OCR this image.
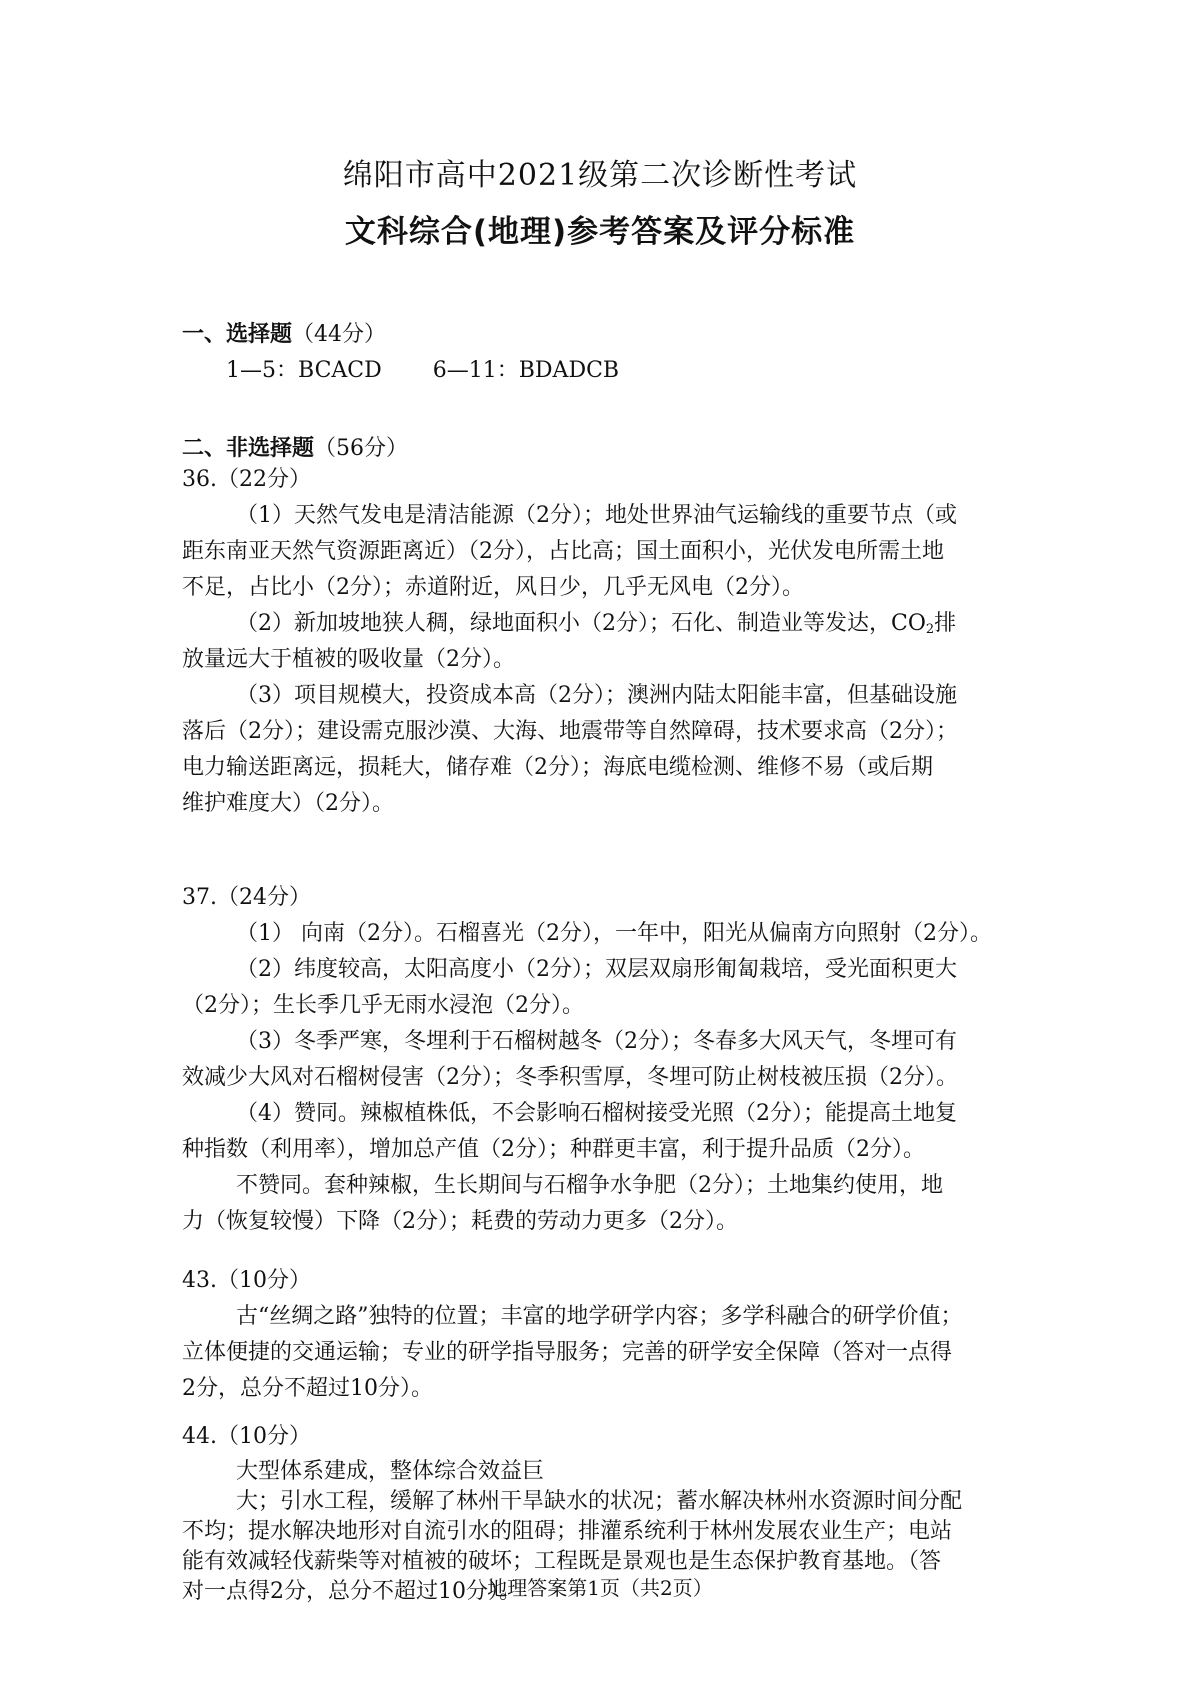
绵阳市高中2021级第二次诊断性考试
文科综合(地理)参考答案及评分标准
一、选择题（44分）
1—5：BCACD　　 6—11：BDADCB
二、非选择题（56分）
36.（22分）
（1）天然气发电是清洁能源（2分）；地处世界油气运输线的重要节点（或
距东南亚天然气资源距离近）（2分），占比高；国土面积小，光伏发电所需土地
不足，占比小（2分）；赤道附近，风日少，几乎无风电（2分）。
（2）新加坡地狭人稠，绿地面积小（2分）；石化、制造业等发达，$CO_2$排
放量远大于植被的吸收量（2分）。
（3）项目规模大，投资成本高（2分）；澳洲内陆太阳能丰富，但基础设施
落后（2分）；建设需克服沙漠、大海、地震带等自然障碍，技术要求高（2分）；
电力输送距离远，损耗大，储存难（2分）；海底电缆检测、维修不易（或后期
维护难度大）（2分）。
37.（24分）
（1） 向南（2分）。石榴喜光（2分），一年中，阳光从偏南方向照射（2分）。
（2）纬度较高，太阳高度小（2分）；双层双扇形匍匐栽培，受光面积更大
（2分）；生长季几乎无雨水浸泡（2分）。
（3）冬季严寒，冬埋利于石榴树越冬（2分）；冬春多大风天气，冬埋可有
效减少大风对石榴树侵害（2分）；冬季积雪厚，冬埋可防止树枝被压损（2分）。
（4）赞同。辣椒植株低，不会影响石榴树接受光照（2分）；能提高土地复
种指数（利用率），增加总产值（2分）；种群更丰富，利于提升品质（2分）。
不赞同。套种辣椒，生长期间与石榴争水争肥（2分）；土地集约使用，地
力（恢复较慢）下降（2分）；耗费的劳动力更多（2分）。
43.（10分）
古“丝绸之路”独特的位置；丰富的地学研学内容；多学科融合的研学价值；
立体便捷的交通运输；专业的研学指导服务；完善的研学安全保障（答对一点得
2分，总分不超过10分）。
44.（10分）
大型体系建成，整体综合效益巨
大；引水工程，缓解了林州干旱缺水的状况；蓄水解决林州水资源时间分配
地理答案第1页（共2页）
不均；提水解决地形对自流引水的阻碍；排灌系统利于林州发展农业生产；电站
能有效减轻伐薪柴等对植被的破坏；工程既是景观也是生态保护教育基地。（答
对一点得2分，总分不超过10分）。
